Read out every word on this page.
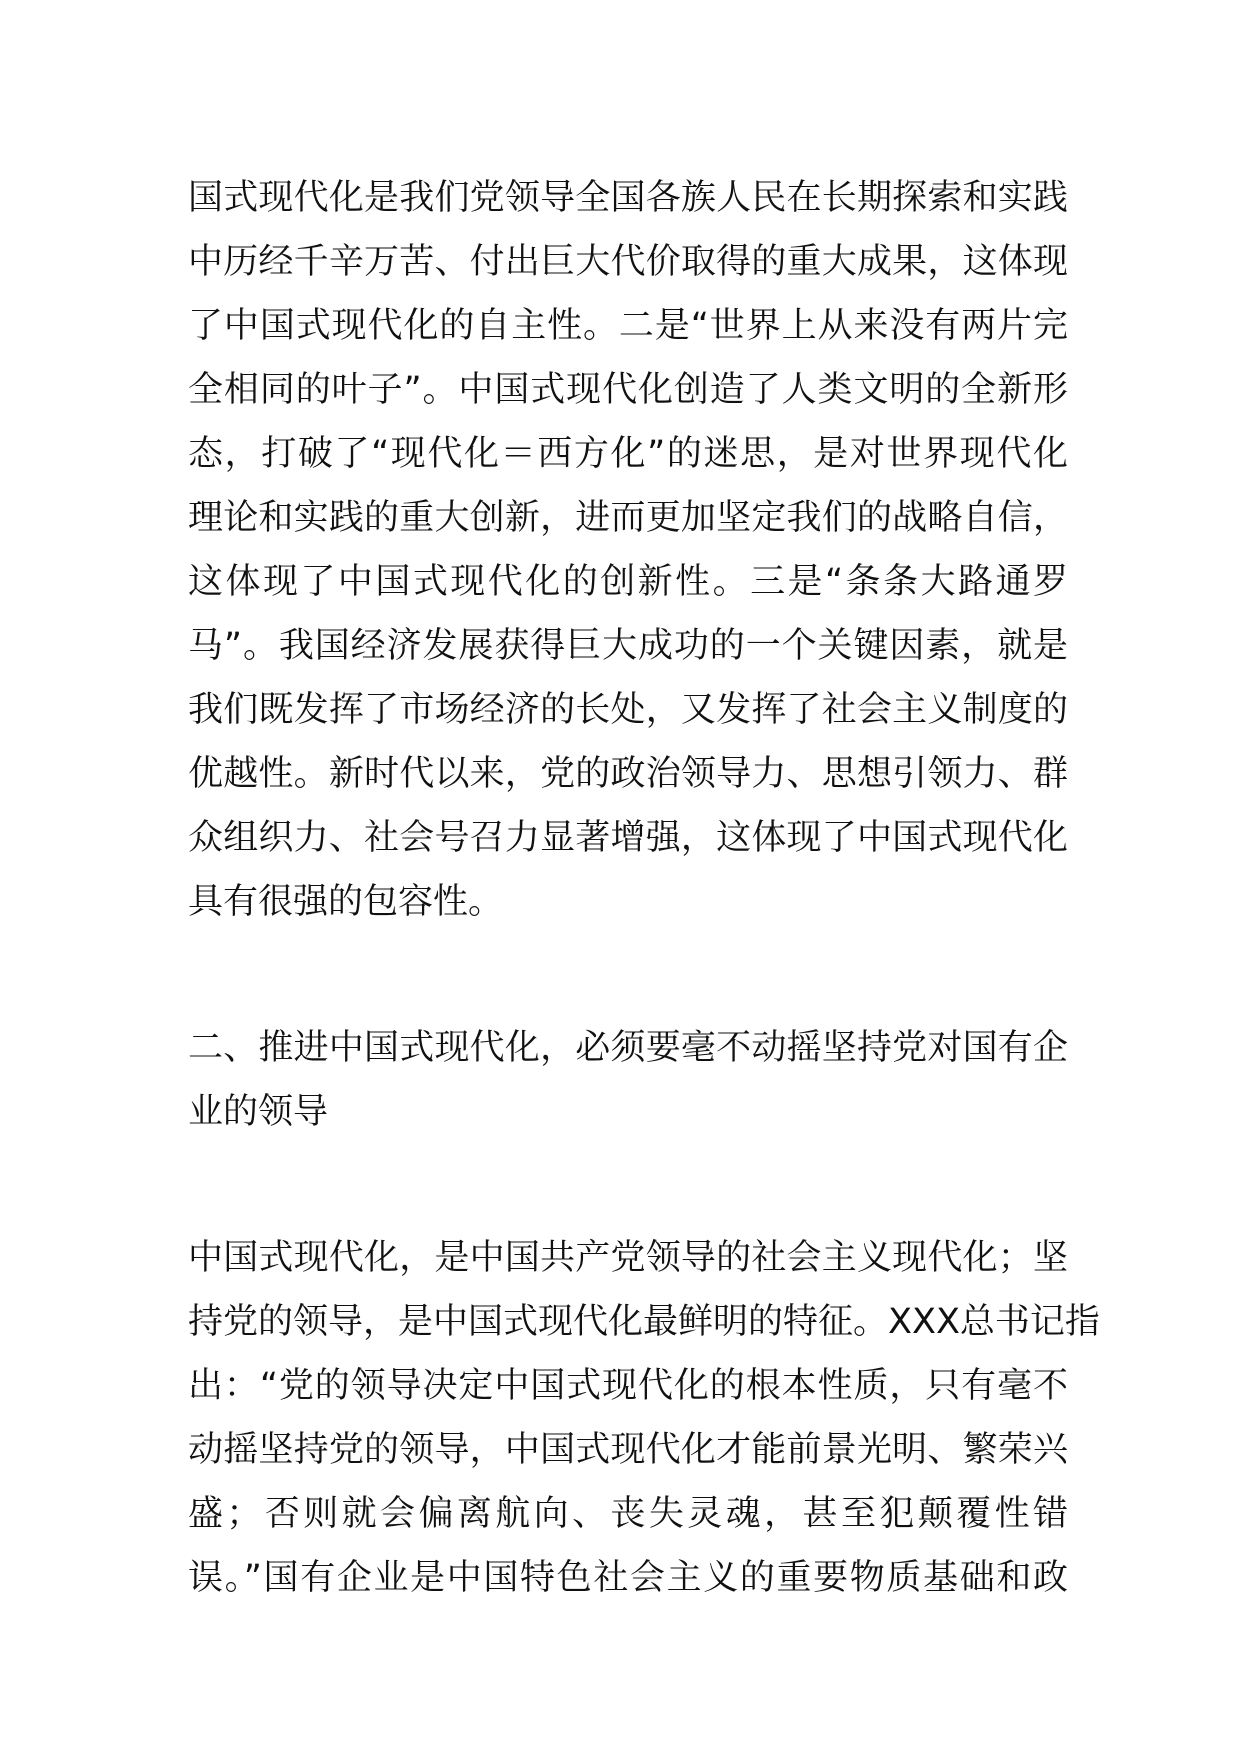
国式现代化是我们党领导全国各族人民在长期探索和实践
中历经千辛万苦、付出巨大代价取得的重大成果，这体现
了中国式现代化的自主性。二是“世界上从来没有两片完
全相同的叶子”。中国式现代化创造了人类文明的全新形
态，打破了“现代化＝西方化”的迷思，是对世界现代化
理论和实践的重大创新，进而更加坚定我们的战略自信，
这体现了中国式现代化的创新性。三是“条条大路通罗
马”。我国经济发展获得巨大成功的一个关键因素，就是
我们既发挥了市场经济的长处，又发挥了社会主义制度的
优越性。新时代以来，党的政治领导力、思想引领力、群
众组织力、社会号召力显著增强，这体现了中国式现代化
具有很强的包容性。
二、推进中国式现代化，必须要毫不动摇坚持党对国有企
业的领导
中国式现代化，是中国共产党领导的社会主义现代化；坚
持党的领导，是中国式现代化最鲜明的特征。XXX总书记指
出：“党的领导决定中国式现代化的根本性质，只有毫不
动摇坚持党的领导，中国式现代化才能前景光明、繁荣兴
盛；否则就会偏离航向、丧失灵魂，甚至犯颠覆性错
误。”国有企业是中国特色社会主义的重要物质基础和政
